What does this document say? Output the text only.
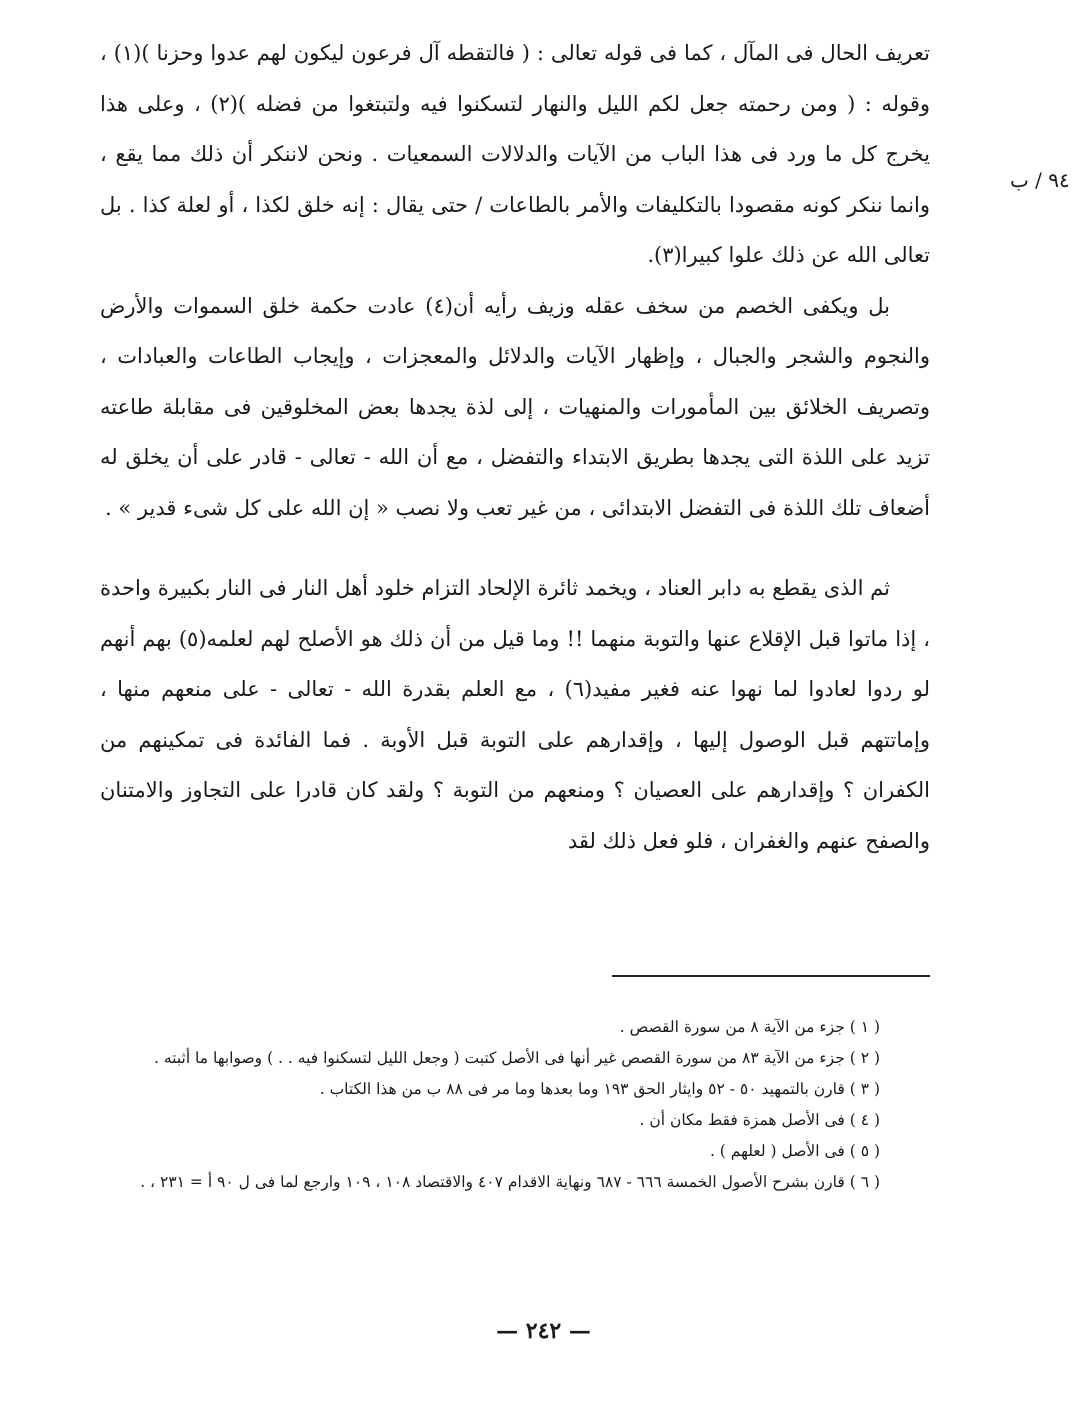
٩٤ / ب

تعريف الحال فى المآل ، كما فى قوله تعالى : ( فالتقطه آل فرعون ليكون لهم عدوا وحزنا )(١) ، وقوله : ( ومن رحمته جعل لكم الليل والنهار لتسكنوا فيه ولتبتغوا من فضله )(٢) ، وعلى هذا يخرج كل ما ورد فى هذا الباب من الآيات والدلالات السمعيات . ونحن لاننكر أن ذلك مما يقع ، وانما ننكر كونه مقصودا بالتكليفات والأمر بالطاعات / حتى يقال : إنه خلق لكذا ، أو لعلة كذا . بل تعالى الله عن ذلك علوا كبيرا(٣).

بل ويكفى الخصم من سخف عقله وزيف رأيه أن(٤) عادت حكمة خلق السموات والأرض والنجوم والشجر والجبال ، وإظهار الآيات والدلائل والمعجزات ، وإيجاب الطاعات والعبادات ، وتصريف الخلائق بين المأمورات والمنهيات ، إلى لذة يجدها بعض المخلوقين فى مقابلة طاعته تزيد على اللذة التى يجدها بطريق الابتداء والتفضل ، مع أن الله - تعالى - قادر على أن يخلق له أضعاف تلك اللذة فى التفضل الابتدائى ، من غير تعب ولا نصب « إن الله على كل شىء قدير » .

ثم الذى يقطع به دابر العناد ، ويخمد ثائرة الإلحاد التزام خلود أهل النار فى النار بكبيرة واحدة ، إذا ماتوا قبل الإقلاع عنها والتوبة منهما !! وما قيل من أن ذلك هو الأصلح لهم لعلمه(٥) بهم أنهم لو ردوا لعادوا لما نهوا عنه فغير مفيد(٦) ، مع العلم بقدرة الله - تعالى - على منعهم منها ، وإماتتهم قبل الوصول إليها ، وإقدارهم على التوبة قبل الأوبة . فما الفائدة فى تمكينهم من الكفران ؟ وإقدارهم على العصيان ؟ ومنعهم من التوبة ؟ ولقد كان قادرا على التجاوز والامتنان والصفح عنهم والغفران ، فلو فعل ذلك لقد

( ١ ) جزء من الآية ٨ من سورة القصص .

( ٢ ) جزء من الآية ٨٣ من سورة القصص غير أنها فى الأصل كتبت ( وجعل الليل لتسكنوا فيه . . ) وصوابها ما أثبته .

( ٣ ) قارن بالتمهيد ٥٠ - ٥٢ وايثار الحق ١٩٣ وما بعدها وما مر فى ٨٨ ب من هذا الكتاب .

( ٤ ) فى الأصل همزة فقط مكان أن .

( ٥ ) فى الأصل ( لعلهم ) .

( ٦ ) قارن بشرح الأصول الخمسة ٦٦٦ - ٦٨٧ ونهاية الاقدام ٤٠٧ والاقتصاد ١٠٨ ، ١٠٩ وارجع لما فى ل ٩٠ أ = ٢٣١ ، .

— ٢٤٢ —
